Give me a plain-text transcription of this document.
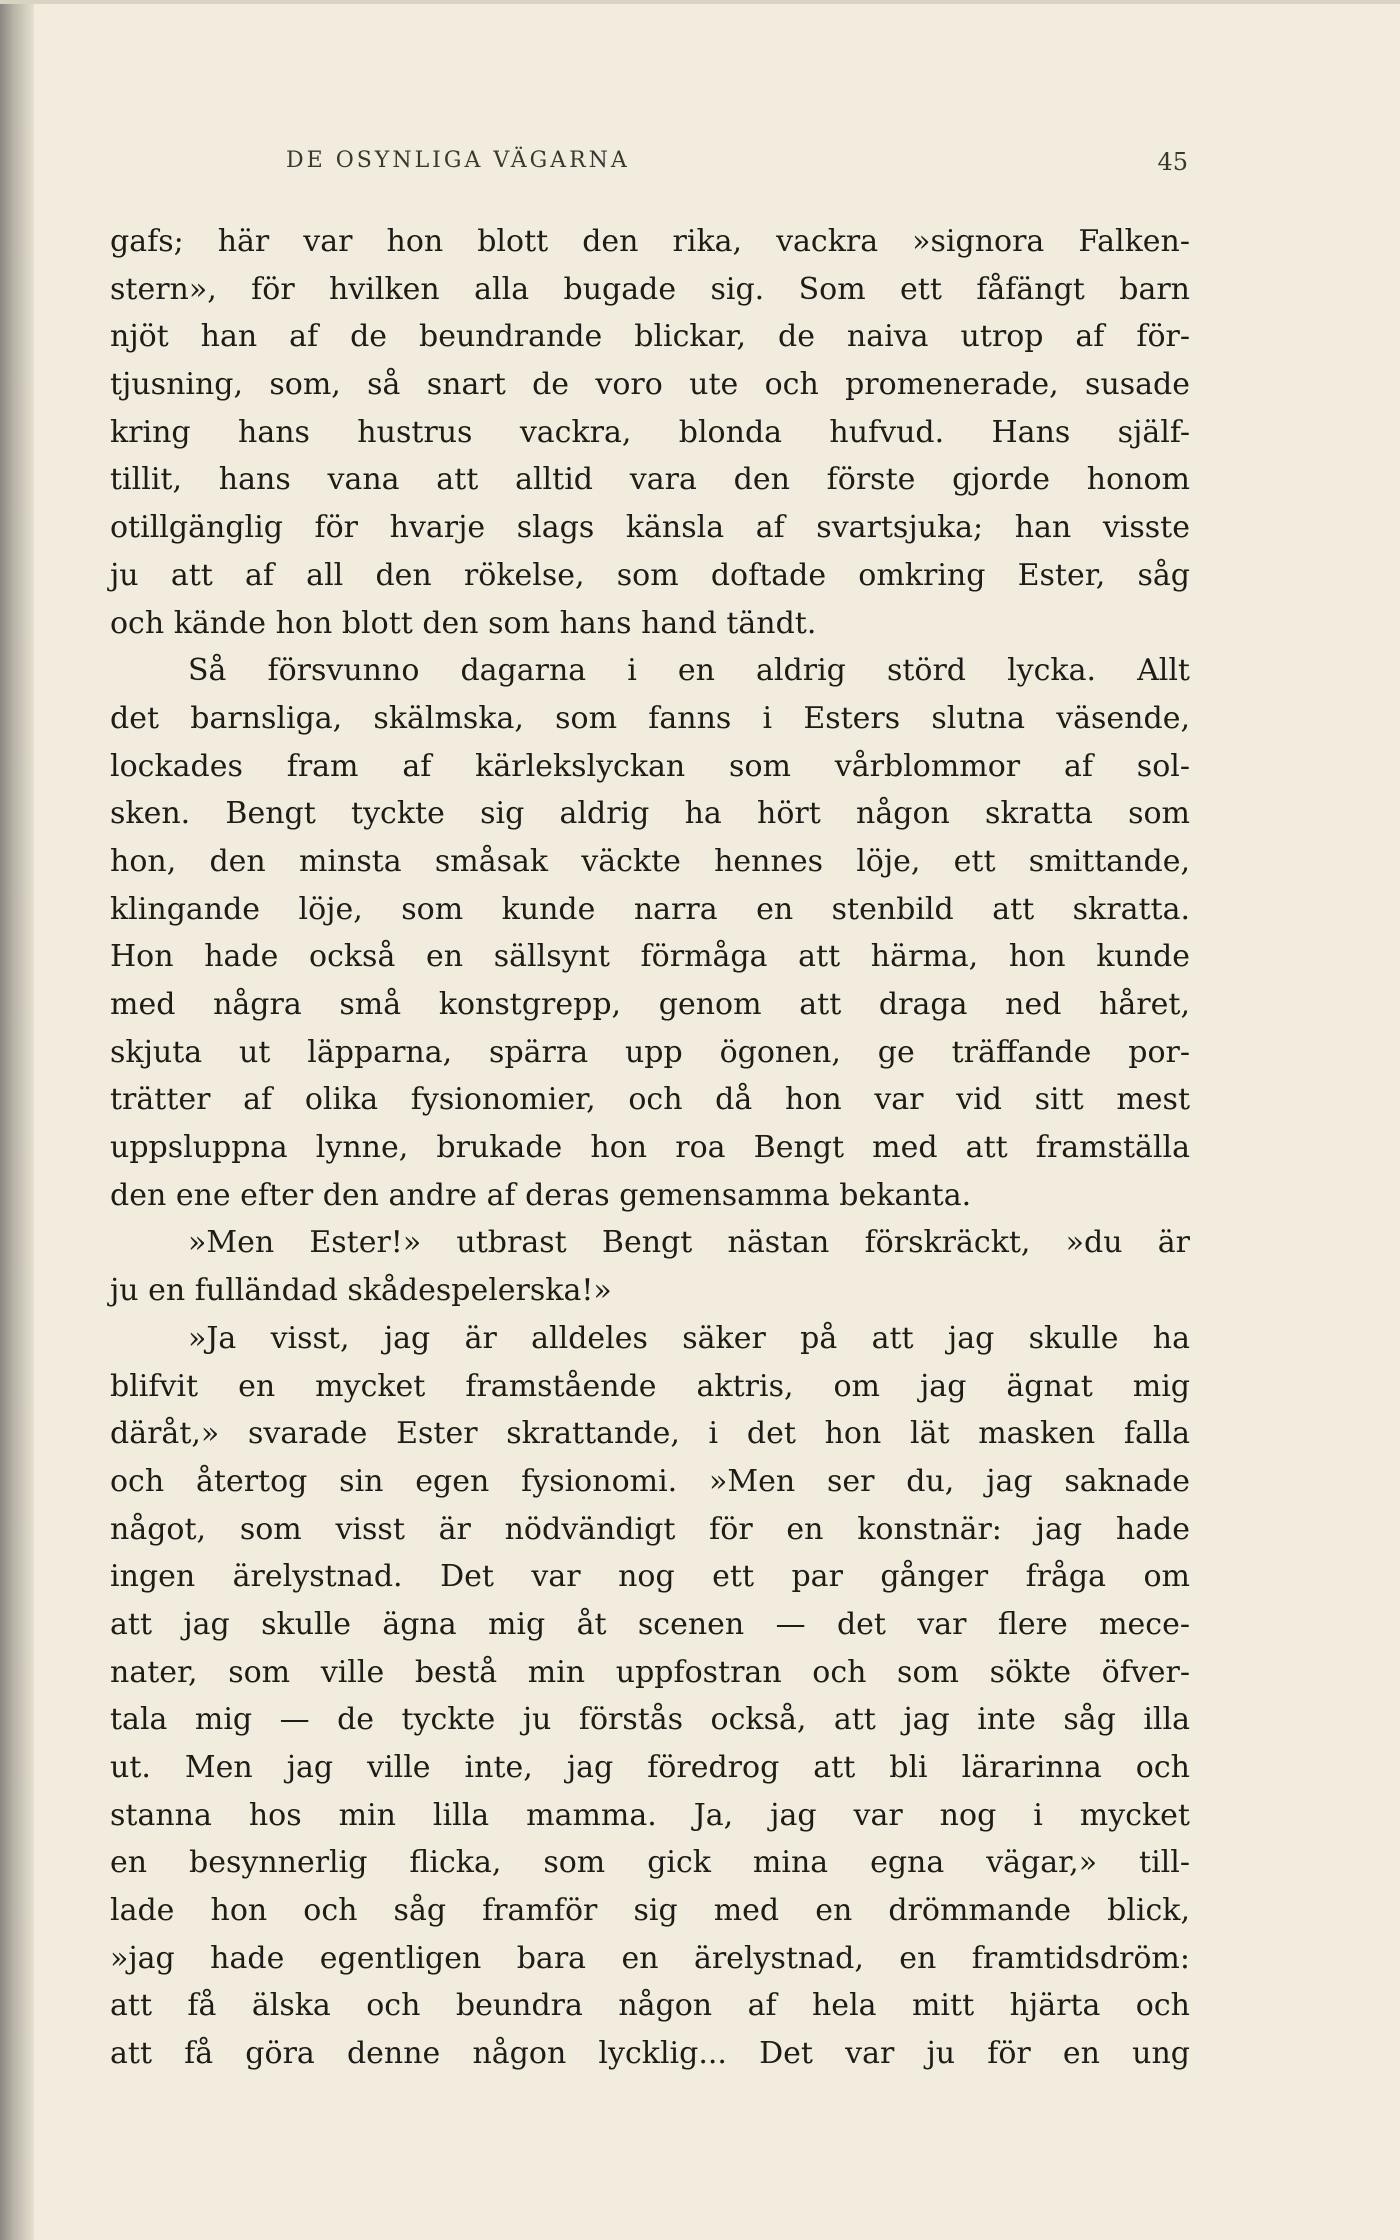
DE OSYNLIGA VÄGARNA	45
gafs; här var hon blott den rika, vackra »signora Falken-
stern», för hvilken alla bugade sig. Som ett fåfängt barn
njöt han af de beundrande blickar, de naiva utrop af för-
tjusning, som, så snart de voro ute och promenerade, susade
kring hans hustrus vackra, blonda hufvud. Hans själf-
tillit, hans vana att alltid vara den förste gjorde honom
otillgänglig för hvarje slags känsla af svartsjuka; han visste
ju att af all den rökelse, som doftade omkring Ester, såg
och kände hon blott den som hans hand tändt.
Så försvunno dagarna i en aldrig störd lycka. Allt
det barnsliga, skälmska, som fanns i Esters slutna väsende,
lockades fram af kärlekslyckan som vårblommor af sol-
sken. Bengt tyckte sig aldrig ha hört någon skratta som
hon, den minsta småsak väckte hennes löje, ett smittande,
klingande löje, som kunde narra en stenbild att skratta.
Hon hade också en sällsynt förmåga att härma, hon kunde
med några små konstgrepp, genom att draga ned håret,
skjuta ut läpparna, spärra upp ögonen, ge träffande por-
trätter af olika fysionomier, och då hon var vid sitt mest
uppsluppna lynne, brukade hon roa Bengt med att framställa
den ene efter den andre af deras gemensamma bekanta.
»Men Ester!» utbrast Bengt nästan förskräckt, »du är
ju en fulländad skådespelerska!»
»Ja visst, jag är alldeles säker på att jag skulle ha
blifvit en mycket framstående aktris, om jag ägnat mig
däråt,» svarade Ester skrattande, i det hon lät masken falla
och återtog sin egen fysionomi. »Men ser du, jag saknade
något, som visst är nödvändigt för en konstnär: jag hade
ingen ärelystnad. Det var nog ett par gånger fråga om
att jag skulle ägna mig åt scenen — det var flere mece-
nater, som ville bestå min uppfostran och som sökte öfver-
tala mig — de tyckte ju förstås också, att jag inte såg illa
ut. Men jag ville inte, jag föredrog att bli lärarinna och
stanna hos min lilla mamma. Ja, jag var nog i mycket
en besynnerlig flicka, som gick mina egna vägar,» till-
lade hon och såg framför sig med en drömmande blick,
»jag hade egentligen bara en ärelystnad, en framtidsdröm:
att få älska och beundra någon af hela mitt hjärta och
att få göra denne någon lycklig... Det var ju för en ung
